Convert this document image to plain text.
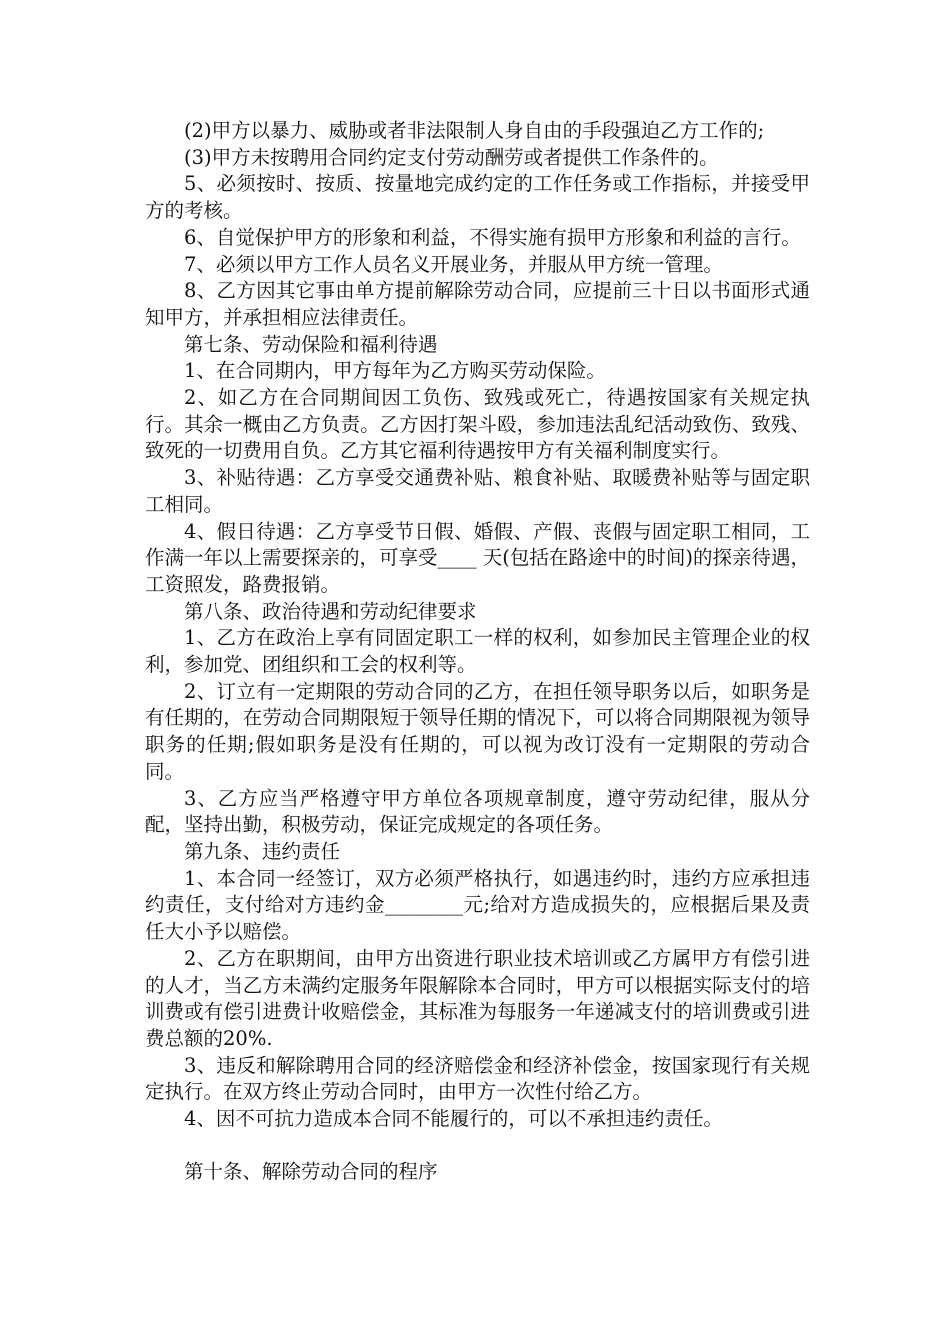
(2)甲方以暴力、威胁或者非法限制人身自由的手段强迫乙方工作的;

(3)甲方未按聘用合同约定支付劳动酬劳或者提供工作条件的。

5、必须按时、按质、按量地完成约定的工作任务或工作指标，并接受甲方的考核。

6、自觉保护甲方的形象和利益，不得实施有损甲方形象和利益的言行。

7、必须以甲方工作人员名义开展业务，并服从甲方统一管理。

8、乙方因其它事由单方提前解除劳动合同，应提前三十日以书面形式通知甲方，并承担相应法律责任。

第七条、劳动保险和福利待遇

1、在合同期内，甲方每年为乙方购买劳动保险。

2、如乙方在合同期间因工负伤、致残或死亡，待遇按国家有关规定执行。其余一概由乙方负责。乙方因打架斗殴，参加违法乱纪活动致伤、致残、致死的一切费用自负。乙方其它福利待遇按甲方有关福利制度实行。

3、补贴待遇：乙方享受交通费补贴、粮食补贴、取暖费补贴等与固定职工相同。

4、假日待遇：乙方享受节日假、婚假、产假、丧假与固定职工相同，工作满一年以上需要探亲的，可享受____ 天(包括在路途中的时间)的探亲待遇，工资照发，路费报销。

第八条、政治待遇和劳动纪律要求

1、乙方在政治上享有同固定职工一样的权利，如参加民主管理企业的权利，参加党、团组织和工会的权利等。

2、订立有一定期限的劳动合同的乙方，在担任领导职务以后，如职务是有任期的，在劳动合同期限短于领导任期的情况下，可以将合同期限视为领导职务的任期;假如职务是没有任期的，可以视为改订没有一定期限的劳动合同。

3、乙方应当严格遵守甲方单位各项规章制度，遵守劳动纪律，服从分配，坚持出勤，积极劳动，保证完成规定的各项任务。

第九条、违约责任

1、本合同一经签订，双方必须严格执行，如遇违约时，违约方应承担违约责任，支付给对方违约金________元;给对方造成损失的，应根据后果及责任大小予以赔偿。

2、乙方在职期间，由甲方出资进行职业技术培训或乙方属甲方有偿引进的人才，当乙方未满约定服务年限解除本合同时，甲方可以根据实际支付的培训费或有偿引进费计收赔偿金，其标准为每服务一年递减支付的培训费或引进费总额的20%.

3、违反和解除聘用合同的经济赔偿金和经济补偿金，按国家现行有关规定执行。在双方终止劳动合同时，由甲方一次性付给乙方。

4、因不可抗力造成本合同不能履行的，可以不承担违约责任。

第十条、解除劳动合同的程序
